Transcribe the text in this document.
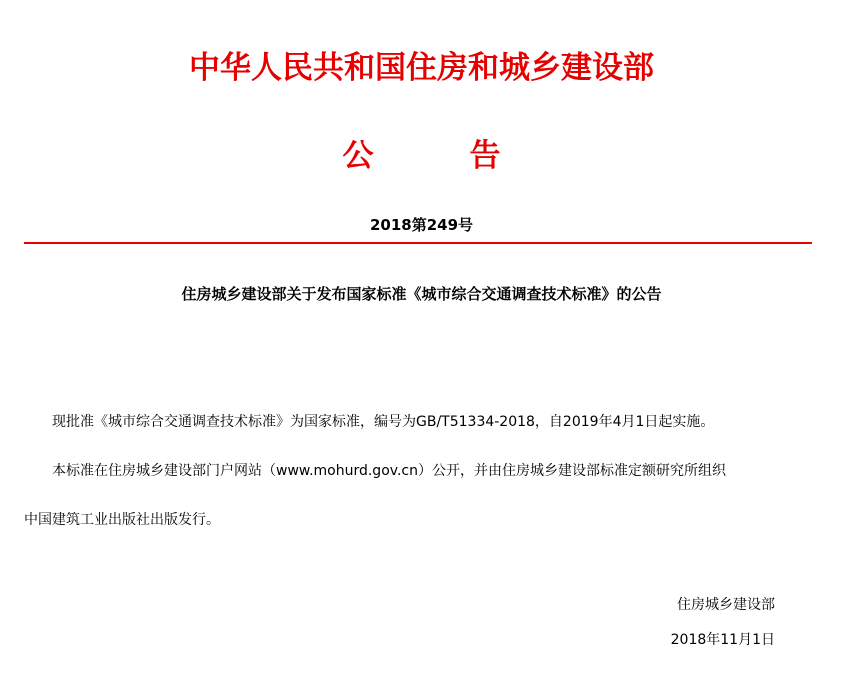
中华人民共和国住房和城乡建设部
公	告
2018第249号
住房城乡建设部关于发布国家标准《城市综合交通调查技术标准》的公告
　　现批准《城市综合交通调查技术标准》为国家标准，编号为GB/T51334-2018，自2019年4月1日起实施。
　　本标准在住房城乡建设部门户网站（www.mohurd.gov.cn）公开，并由住房城乡建设部标准定额研究所组织
中国建筑工业出版社出版发行。
住房城乡建设部
2018年11月1日
